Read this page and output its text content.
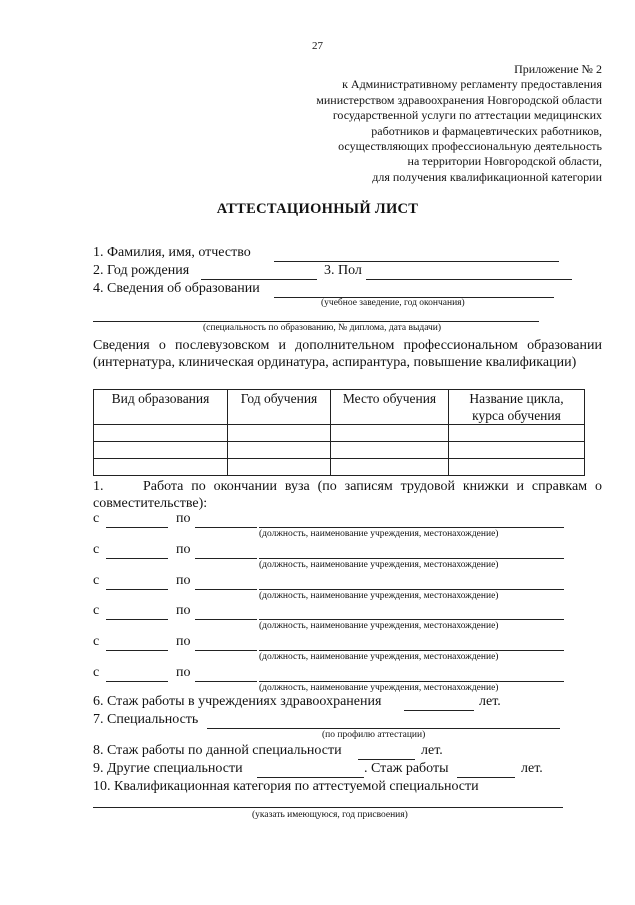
27
Приложение № 2
к Административному регламенту предоставления
министерством здравоохранения Новгородской области
государственной услуги по аттестации медицинских
работников и фармацевтических работников,
осуществляющих профессиональную деятельность
на территории Новгородской области,
для получения квалификационной категории
АТТЕСТАЦИОННЫЙ ЛИСТ
1. Фамилия, имя, отчество
2. Год рождения	3. Пол
4. Сведения об образовании
(учебное заведение, год окончания)
(специальность по образованию, № диплома, дата выдачи)
Сведения о послевузовском и дополнительном профессиональном образовании (интернатура, клиническая ординатура, аспирантура, повышение квалификации)
Вид образования	Год обучения	Место обучения	Название цикла, курса обучения

1.     Работа по окончании вуза (по записям трудовой книжки и справкам о совместительстве):
с	по
(должность, наименование учреждения, местонахождение)
с	по
(должность, наименование учреждения, местонахождение)
с	по
(должность, наименование учреждения, местонахождение)
с	по
(должность, наименование учреждения, местонахождение)
с	по
(должность, наименование учреждения, местонахождение)
с	по
(должность, наименование учреждения, местонахождение)
6. Стаж работы в учреждениях здравоохранения	лет.
7. Специальность
(по профилю аттестации)
8. Стаж работы по данной специальности	лет.
9. Другие специальности	. Стаж работы	лет.
10. Квалификационная категория по аттестуемой специальности
(указать имеющуюся, год присвоения)
